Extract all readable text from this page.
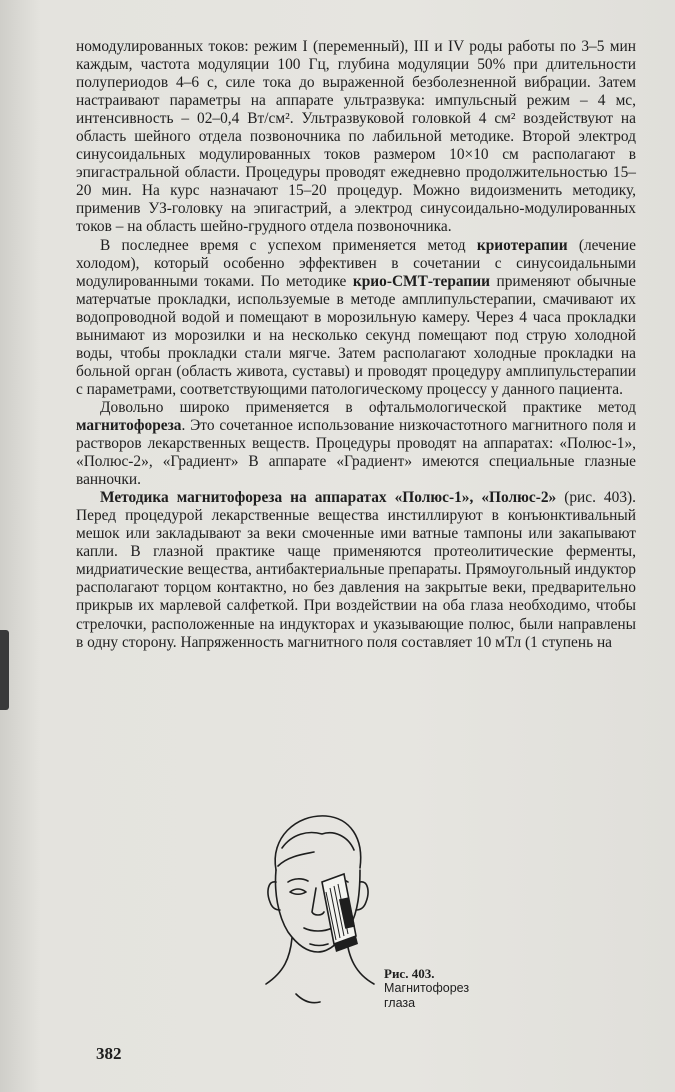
номодулированных токов: режим I (переменный), III и IV роды работы по 3–5 мин каждым, частота модуляции 100 Гц, глубина модуляции 50% при длительности полупериодов 4–6 с, силе тока до выраженной безболезненной вибрации. Затем настраивают параметры на аппарате ультразвука: импульсный режим – 4 мс, интенсивность – 02–0,4 Вт/см². Ультразвуковой головкой 4 см² воздействуют на область шейного отдела позвоночника по лабильной методике. Второй электрод синусоидальных модулированных токов размером 10×10 см располагают в эпигастральной области. Процедуры проводят ежедневно продолжительностью 15–20 мин. На курс назначают 15–20 процедур. Можно видоизменить методику, применив УЗ-головку на эпигастрий, а электрод синусоидально-модулированных токов – на область шейно-грудного отдела позвоночника.

В последнее время с успехом применяется метод криотерапии (лечение холодом), который особенно эффективен в сочетании с синусоидальными модулированными токами. По методике крио-СМТ-терапии применяют обычные матерчатые прокладки, используемые в методе амплипульстерапии, смачивают их водопроводной водой и помещают в морозильную камеру. Через 4 часа прокладки вынимают из морозилки и на несколько секунд помещают под струю холодной воды, чтобы прокладки стали мягче. Затем располагают холодные прокладки на больной орган (область живота, суставы) и проводят процедуру амплипульстерапии с параметрами, соответствующими патологическому процессу у данного пациента.

Довольно широко применяется в офтальмологической практике метод магнитофореза. Это сочетанное использование низкочастотного магнитного поля и растворов лекарственных веществ. Процедуры проводят на аппаратах: «Полюс-1», «Полюс-2», «Градиент» В аппарате «Градиент» имеются специальные глазные ванночки.

Методика магнитофореза на аппаратах «Полюс-1», «Полюс-2» (рис. 403). Перед процедурой лекарственные вещества инстиллируют в конъюнктивальный мешок или закладывают за веки смоченные ими ватные тампоны или закапывают капли. В глазной практике чаще применяются протеолитические ферменты, мидриатические вещества, антибактериальные препараты. Прямоугольный индуктор располагают торцом контактно, но без давления на закрытые веки, предварительно прикрыв их марлевой салфеткой. При воздействии на оба глаза необходимо, чтобы стрелочки, расположенные на индукторах и указывающие полюс, были направлены в одну сторону. Напряженность магнитного поля составляет 10 мТл (1 ступень на

Рис. 403.
Магнитофорез
глаза
382
